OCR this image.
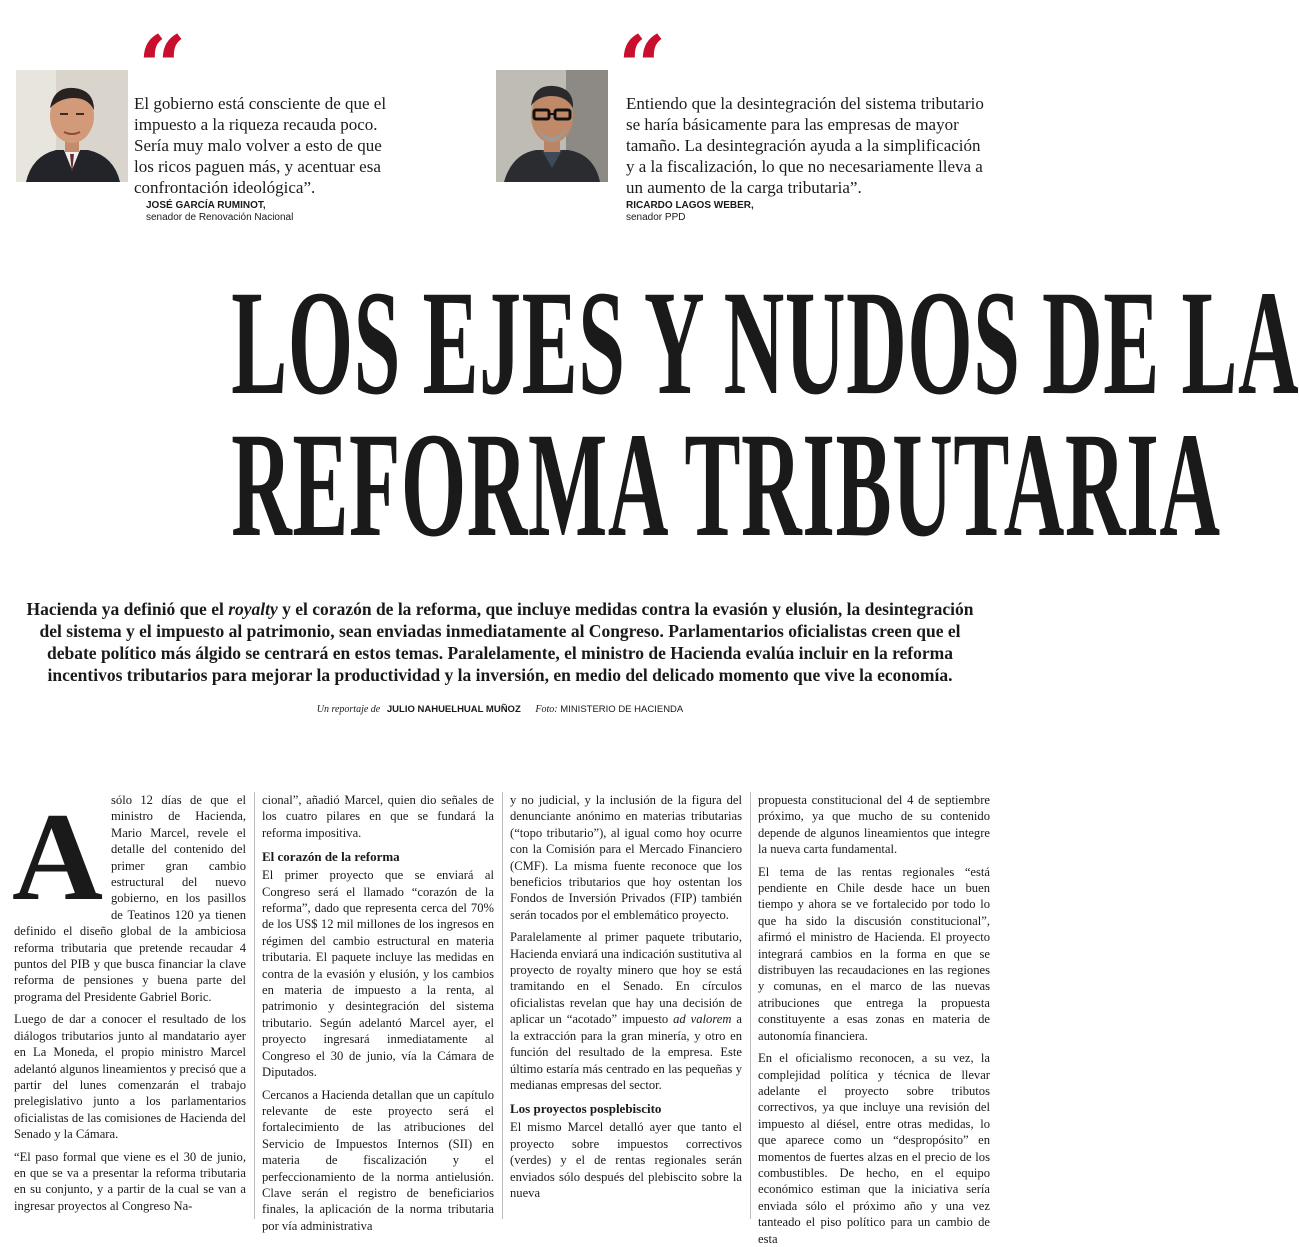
“

El gobierno está consciente de que el impuesto a la riqueza recauda poco. Sería muy malo volver a esto de que los ricos paguen más, y acentuar esa confrontación ideológica”.

JOSÉ GARCÍA RUMINOT,

senador de Renovación Nacional

“

Entiendo que la desintegración del sistema tributario se haría básicamente para las empresas de mayor tamaño. La desintegración ayuda a la simplificación y a la fiscalización, lo que no necesariamente lleva a un aumento de la carga tributaria”.

RICARDO LAGOS WEBER,

senador PPD

LOS EJES Y NUDOS DE LA
REFORMA TRIBUTARIA

Hacienda ya definió que el royalty y el corazón de la reforma, que incluye medidas contra la evasión y elusión, la desintegración del sistema y el impuesto al patrimonio, sean enviadas inmediatamente al Congreso. Parlamentarios oficialistas creen que el debate político más álgido se centrará en estos temas. Paralelamente, el ministro de Hacienda evalúa incluir en la reforma incentivos tributarios para mejorar la productividad y la inversión, en medio del delicado momento que vive la economía.

Un reportaje de JULIO NAHUELHUAL MUÑOZ Foto: MINISTERIO DE HACIENDA
A sólo 12 días de que el ministro de Hacienda, Mario Marcel, revele el detalle del contenido del primer gran cambio estructural del nuevo gobierno, en los pasillos de Teatinos 120 ya tienen definido el diseño global de la ambiciosa reforma tributaria que pretende recaudar 4 puntos del PIB y que busca financiar la clave reforma de pensiones y buena parte del programa del Presidente Gabriel Boric.

Luego de dar a conocer el resultado de los diálogos tributarios junto al mandatario ayer en La Moneda, el propio ministro Marcel adelantó algunos lineamientos y precisó que a partir del lunes comenzarán el trabajo prelegislativo junto a los parlamentarios oficialistas de las comisiones de Hacienda del Senado y la Cámara.

“El paso formal que viene es el 30 de junio, en que se va a presentar la reforma tributaria en su conjunto, y a partir de la cual se van a ingresar proyectos al Congreso Na-

cional”, añadió Marcel, quien dio señales de los cuatro pilares en que se fundará la reforma impositiva.

El corazón de la reforma

El primer proyecto que se enviará al Congreso será el llamado “corazón de la reforma”, dado que representa cerca del 70% de los US$ 12 mil millones de los ingresos en régimen del cambio estructural en materia tributaria. El paquete incluye las medidas en contra de la evasión y elusión, y los cambios en materia de impuesto a la renta, al patrimonio y desintegración del sistema tributario. Según adelantó Marcel ayer, el proyecto ingresará inmediatamente al Congreso el 30 de junio, vía la Cámara de Diputados.

Cercanos a Hacienda detallan que un capítulo relevante de este proyecto será el fortalecimiento de las atribuciones del Servicio de Impuestos Internos (SII) en materia de fiscalización y el perfeccionamiento de la norma antielusión. Clave serán el registro de beneficiarios finales, la aplicación de la norma tributaria por vía administrativa

y no judicial, y la inclusión de la figura del denunciante anónimo en materias tributarias (“topo tributario”), al igual como hoy ocurre con la Comisión para el Mercado Financiero (CMF). La misma fuente reconoce que los beneficios tributarios que hoy ostentan los Fondos de Inversión Privados (FIP) también serán tocados por el emblemático proyecto.

Paralelamente al primer paquete tributario, Hacienda enviará una indicación sustitutiva al proyecto de royalty minero que hoy se está tramitando en el Senado. En círculos oficialistas revelan que hay una decisión de aplicar un “acotado” impuesto ad valorem a la extracción para la gran minería, y otro en función del resultado de la empresa. Este último estaría más centrado en las pequeñas y medianas empresas del sector.

Los proyectos posplebiscito

El mismo Marcel detalló ayer que tanto el proyecto sobre impuestos correctivos (verdes) y el de rentas regionales serán enviados sólo después del plebiscito sobre la nueva

propuesta constitucional del 4 de septiembre próximo, ya que mucho de su contenido depende de algunos lineamientos que integre la nueva carta fundamental.

El tema de las rentas regionales “está pendiente en Chile desde hace un buen tiempo y ahora se ve fortalecido por todo lo que ha sido la discusión constitucional”, afirmó el ministro de Hacienda. El proyecto integrará cambios en la forma en que se distribuyen las recaudaciones en las regiones y comunas, en el marco de las nuevas atribuciones que entrega la propuesta constituyente a esas zonas en materia de autonomía financiera.

En el oficialismo reconocen, a su vez, la complejidad política y técnica de llevar adelante el proyecto sobre tributos correctivos, ya que incluye una revisión del impuesto al diésel, entre otras medidas, lo que aparece como un “despropósito” en momentos de fuertes alzas en el precio de los combustibles. De hecho, en el equipo económico estiman que la iniciativa sería enviada sólo el próximo año y una vez tanteado el piso político para un cambio de esta
